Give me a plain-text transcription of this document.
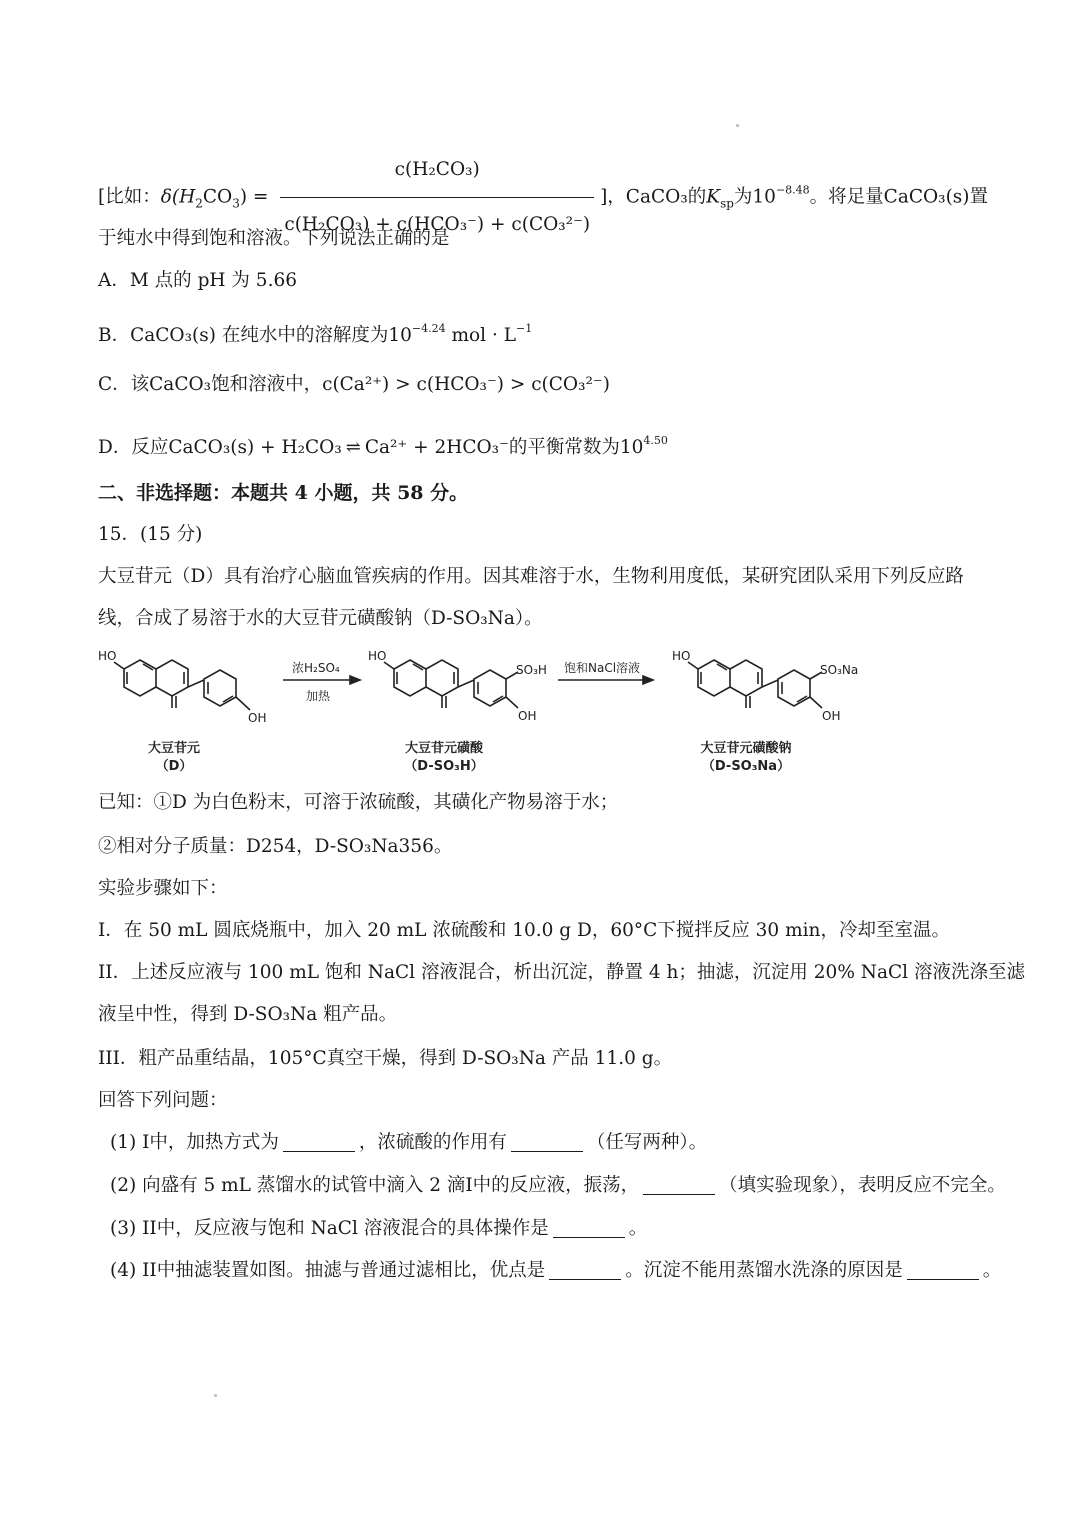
[比如：$\delta(H_2CO_3) = \frac{\text{c(H₂CO₃)}}{\text{c(H₂CO₃) + c(HCO₃⁻) + c(CO₃²⁻)}}$ ]，CaCO₃的$K_{sp}$为$10^{-8.48}$。将足量CaCO₃(s)置
于纯水中得到饱和溶液。下列说法正确的是
A．M 点的 pH 为 5.66
B．CaCO₃(s) 在纯水中的溶解度为$10^{-4.24}$ mol · $L^{-1}$
C．该CaCO₃饱和溶液中，c(Ca²⁺) > c(HCO₃⁻) > c(CO₃²⁻)
D．反应CaCO₃(s) + H₂CO₃ ⇌ Ca²⁺ + 2HCO₃⁻的平衡常数为$10^{4.50}$
二、非选择题：本题共 4 小题，共 58 分。
15．(15 分)
大豆苷元（D）具有治疗心脑血管疾病的作用。因其难溶于水，生物利用度低，某研究团队采用下列反应路
线，合成了易溶于水的大豆苷元磺酸钠（D-SO₃Na）。
HO
OH
HO
SO₃H
OH
HO
SO₃Na
OH
浓H₂SO₄
加热
饱和NaCl溶液
大豆苷元
（D）
大豆苷元磺酸
（D-SO₃H）
大豆苷元磺酸钠
（D-SO₃Na）
已知：①D 为白色粉末，可溶于浓硫酸，其磺化产物易溶于水；
②相对分子质量：D254，D-SO₃Na356。
实验步骤如下：
I．在 50 mL 圆底烧瓶中，加入 20 mL 浓硫酸和 10.0 g D，60°C下搅拌反应 30 min，冷却至室温。
II．上述反应液与 100 mL 饱和 NaCl 溶液混合，析出沉淀，静置 4 h；抽滤，沉淀用 20% NaCl 溶液洗涤至滤
液呈中性，得到 D-SO₃Na 粗产品。
III．粗产品重结晶，105°C真空干燥，得到 D-SO₃Na 产品 11.0 g。
回答下列问题：
(1) I中，加热方式为	，浓硫酸的作用有	（任写两种）。
(2) 向盛有 5 mL 蒸馏水的试管中滴入 2 滴I中的反应液，振荡，	（填实验现象），表明反应不完全。
(3) II中，反应液与饱和 NaCl 溶液混合的具体操作是	。
(4) II中抽滤装置如图。抽滤与普通过滤相比，优点是	。沉淀不能用蒸馏水洗涤的原因是	。
